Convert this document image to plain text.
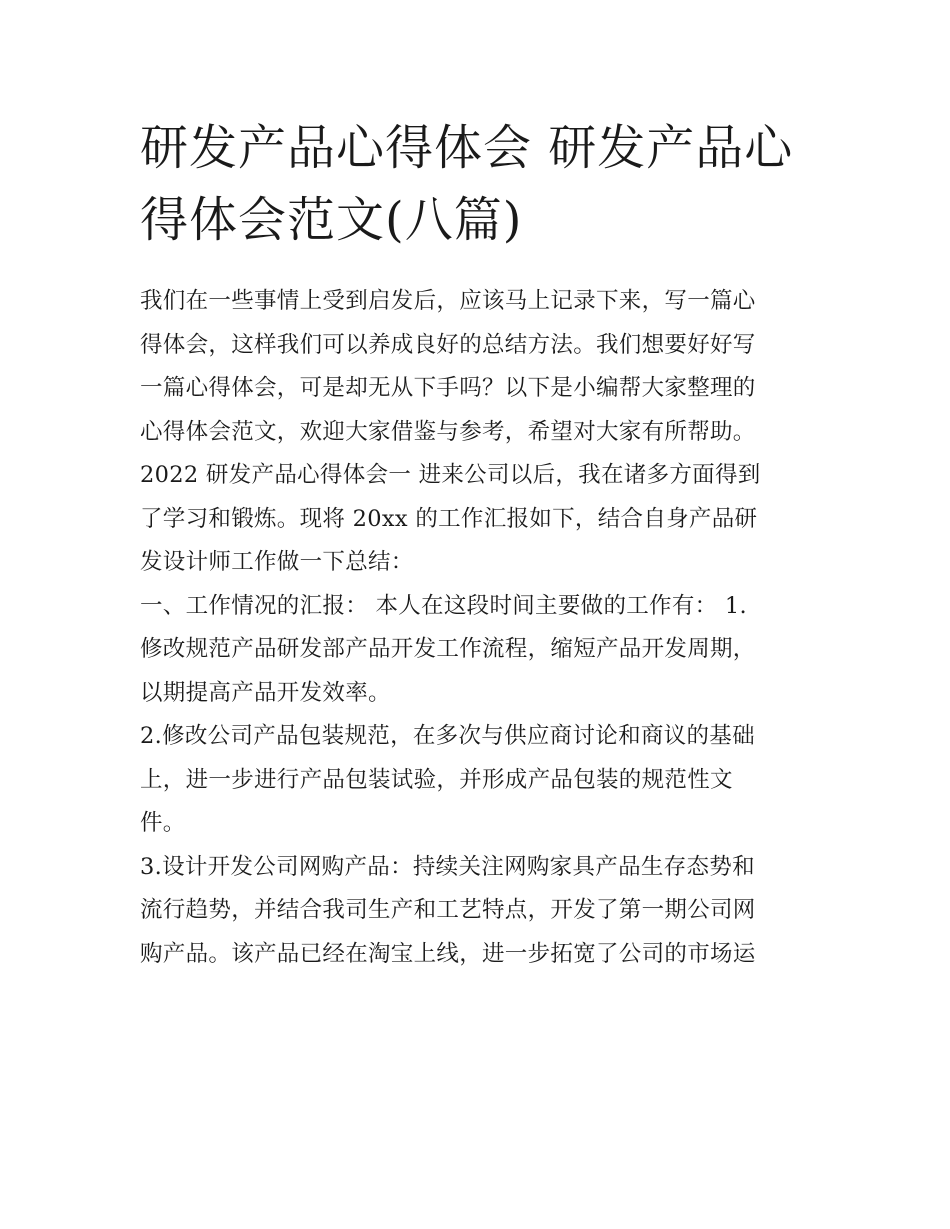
研发产品心得体会 研发产品心
得体会范文(八篇)
我们在一些事情上受到启发后，应该马上记录下来，写一篇心
得体会，这样我们可以养成良好的总结方法。我们想要好好写
一篇心得体会，可是却无从下手吗？以下是小编帮大家整理的
心得体会范文，欢迎大家借鉴与参考，希望对大家有所帮助。
2022 研发产品心得体会一 进来公司以后，我在诸多方面得到
了学习和锻炼。现将 20xx 的工作汇报如下，结合自身产品研
发设计师工作做一下总结：
一、工作情况的汇报： 本人在这段时间主要做的工作有： 1.
修改规范产品研发部产品开发工作流程，缩短产品开发周期，
以期提高产品开发效率。
2.修改公司产品包装规范，在多次与供应商讨论和商议的基础
上，进一步进行产品包装试验，并形成产品包装的规范性文
件。
3.设计开发公司网购产品：持续关注网购家具产品生存态势和
流行趋势，并结合我司生产和工艺特点，开发了第一期公司网
购产品。该产品已经在淘宝上线，进一步拓宽了公司的市场运
